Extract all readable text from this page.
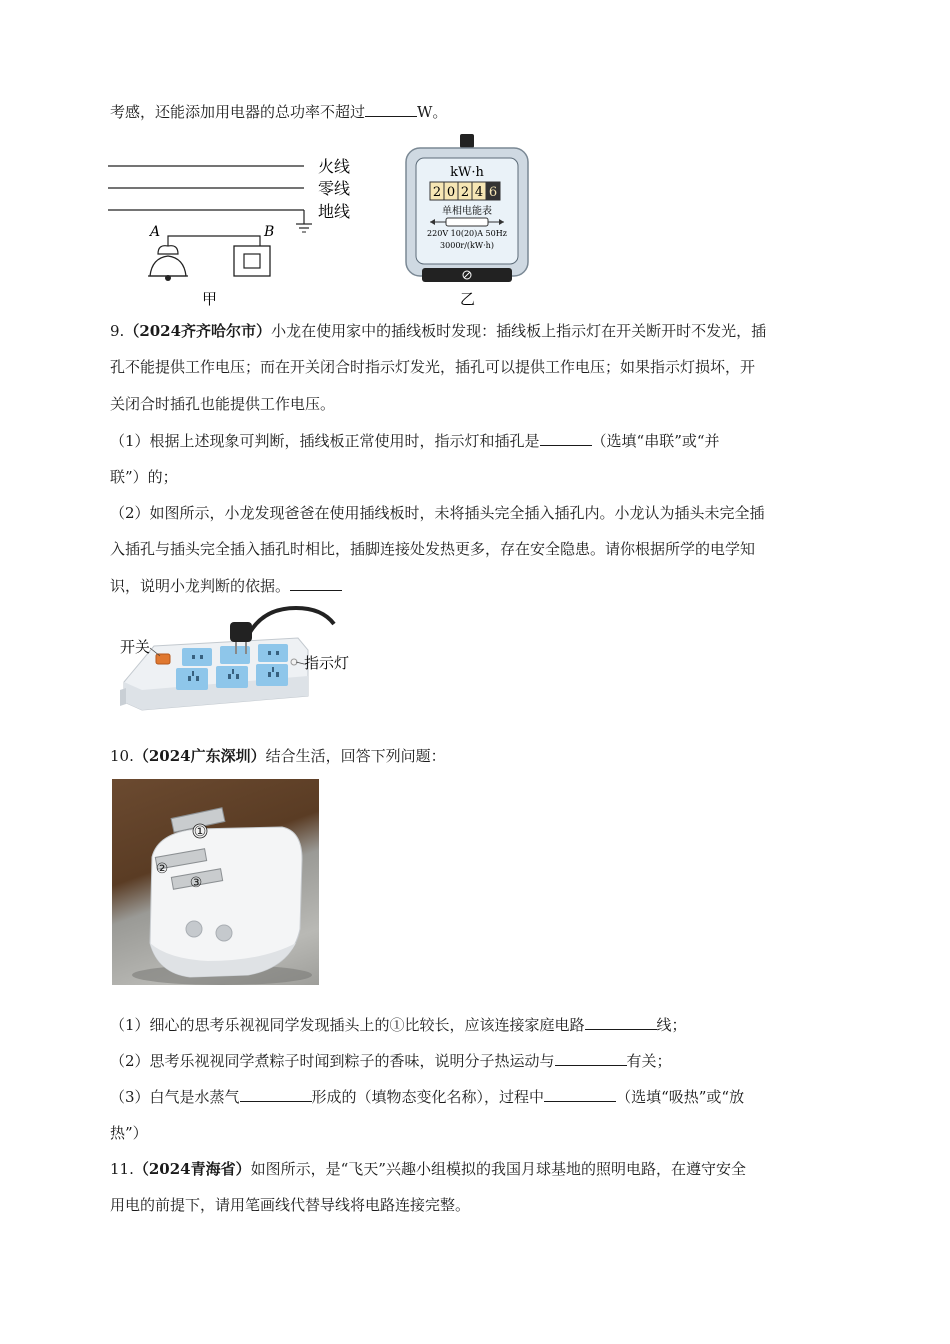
考感，还能添加用电器的总功率不超过	W。
火线
零线
地线
A	B
甲
kW·h
2 0 2 4 6
单相电能表
220V 10(20)A 50Hz
3000r/(kW·h)
乙
9.（2024齐齐哈尔市）小龙在使用家中的插线板时发现：插线板上指示灯在开关断开时不发光，插
孔不能提供工作电压；而在开关闭合时指示灯发光，插孔可以提供工作电压；如果指示灯损坏，开
关闭合时插孔也能提供工作电压。
（1）根据上述现象可判断，插线板正常使用时，指示灯和插孔是	（选填“串联”或“并
联”）的；
（2）如图所示，小龙发现爸爸在使用插线板时，未将插头完全插入插孔内。小龙认为插头未完全插
入插孔与插头完全插入插孔时相比，插脚连接处发热更多，存在安全隐患。请你根据所学的电学知
识，说明小龙判断的依据。
开关
指示灯
10.（2024广东深圳）结合生活，回答下列问题：
①
②
③
（1）细心的思考乐视视同学发现插头上的①比较长，应该连接家庭电路	线；
（2）思考乐视视同学煮粽子时闻到粽子的香味，说明分子热运动与	有关；
（3）白气是水蒸气	形成的（填物态变化名称），过程中	（选填“吸热”或“放
热”）
11.（2024青海省）如图所示，是“飞天”兴趣小组模拟的我国月球基地的照明电路，在遵守安全
用电的前提下，请用笔画线代替导线将电路连接完整。
